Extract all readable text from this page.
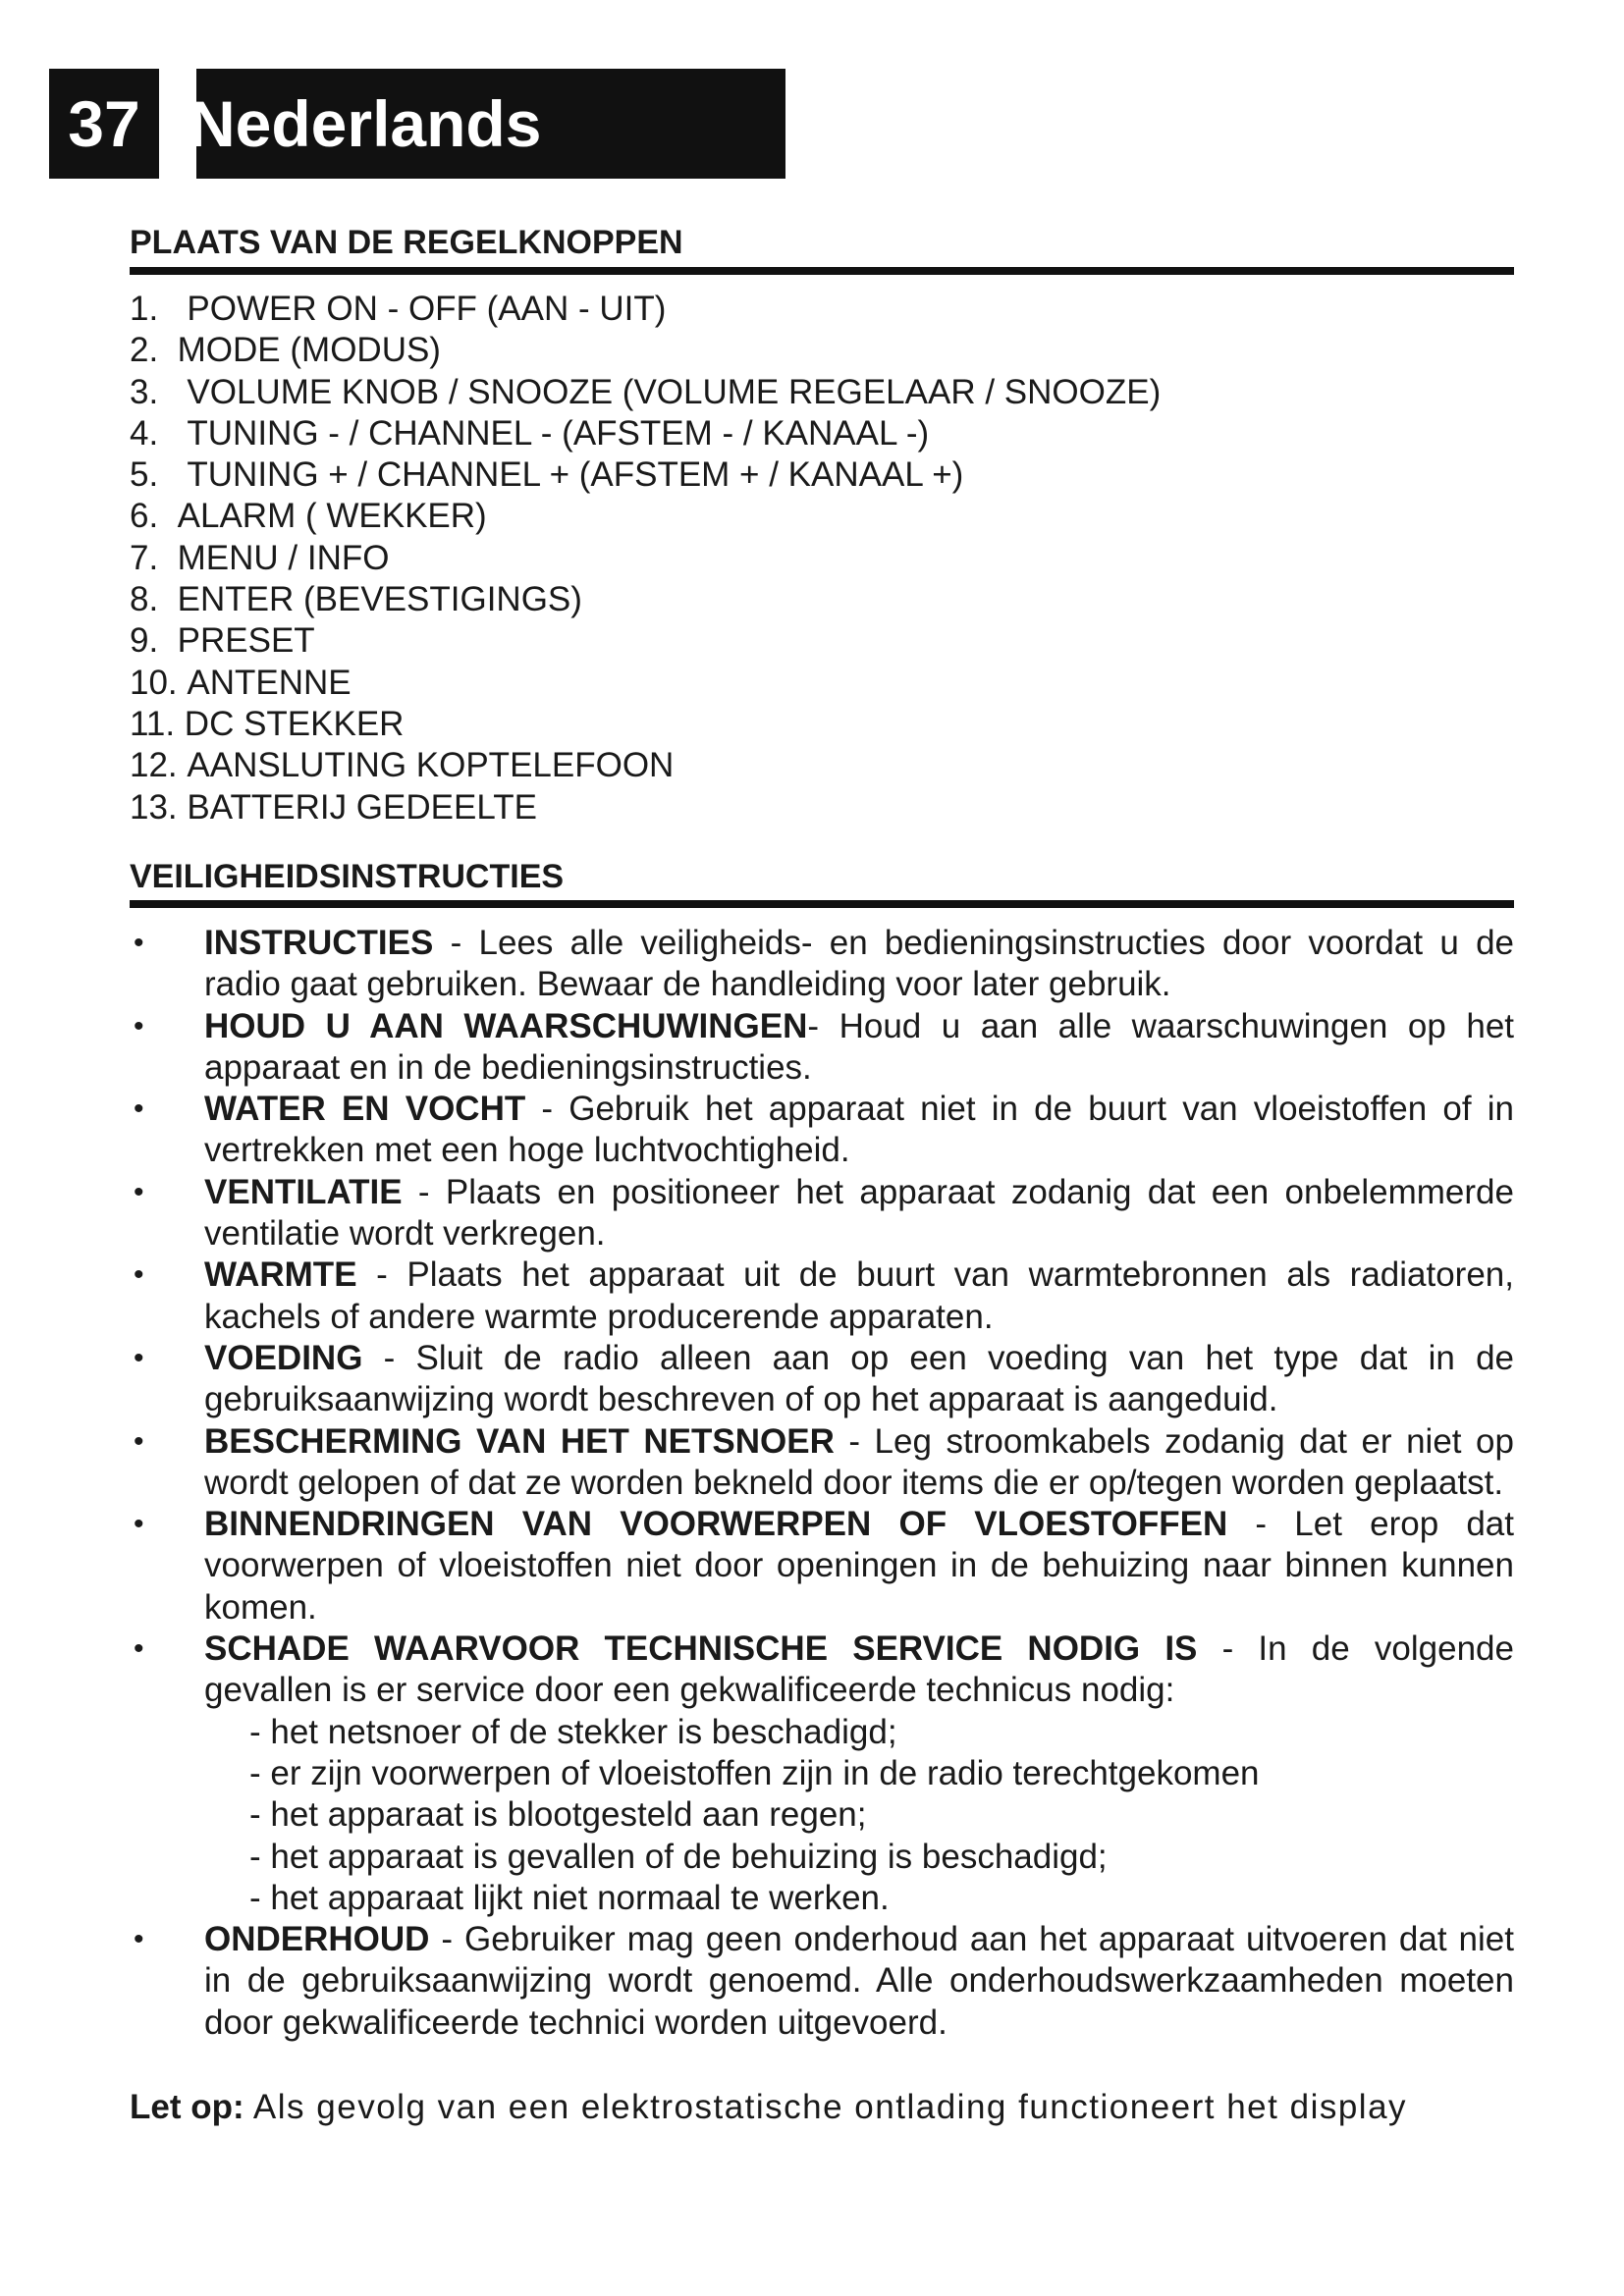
37 Nederlands
PLAATS VAN DE REGELKNOPPEN
1. POWER ON - OFF (AAN - UIT)
2. MODE (MODUS)
3. VOLUME KNOB / SNOOZE (VOLUME REGELAAR / SNOOZE)
4. TUNING - / CHANNEL - (AFSTEM - / KANAAL -)
5. TUNING + / CHANNEL + (AFSTEM + / KANAAL +)
6. ALARM ( WEKKER)
7. MENU / INFO
8. ENTER (BEVESTIGINGS)
9. PRESET
10. ANTENNE
11. DC STEKKER
12. AANSLUTING KOPTELEFOON
13. BATTERIJ GEDEELTE
VEILIGHEIDSINSTRUCTIES
• INSTRUCTIES - Lees alle veiligheids- en bedieningsinstructies door voordat u de radio gaat gebruiken. Bewaar de handleiding voor later gebruik.
• HOUD U AAN WAARSCHUWINGEN- Houd u aan alle waarschuwingen op het apparaat en in de bedieningsinstructies.
• WATER EN VOCHT - Gebruik het apparaat niet in de buurt van vloeistoffen of in vertrekken met een hoge luchtvochtigheid.
• VENTILATIE - Plaats en positioneer het apparaat zodanig dat een onbelemmerde ventilatie wordt verkregen.
• WARMTE - Plaats het apparaat uit de buurt van warmtebronnen als radiatoren, kachels of andere warmte producerende apparaten.
• VOEDING - Sluit de radio alleen aan op een voeding van het type dat in de gebruiksaanwijzing wordt beschreven of op het apparaat is aangeduid.
• BESCHERMING VAN HET NETSNOER - Leg stroomkabels zodanig dat er niet op wordt gelopen of dat ze worden bekneld door items die er op/tegen worden geplaatst.
• BINNENDRINGEN VAN VOORWERPEN OF VLOESTOFFEN - Let erop dat voorwerpen of vloeistoffen niet door openingen in de behuizing naar binnen kunnen komen.
• SCHADE WAARVOOR TECHNISCHE SERVICE NODIG IS - In de volgende gevallen is er service door een gekwalificeerde technicus nodig:
- het netsnoer of de stekker is beschadigd;
- er zijn voorwerpen of vloeistoffen zijn in de radio terechtgekomen
- het apparaat is blootgesteld aan regen;
- het apparaat is gevallen of de behuizing is beschadigd;
- het apparaat lijkt niet normaal te werken.
• ONDERHOUD - Gebruiker mag geen onderhoud aan het apparaat uitvoeren dat niet in de gebruiksaanwijzing wordt genoemd. Alle onderhoudswerkzaamheden moeten door gekwalificeerde technici worden uitgevoerd.
Let op: Als gevolg van een elektrostatische ontlading functioneert het display
